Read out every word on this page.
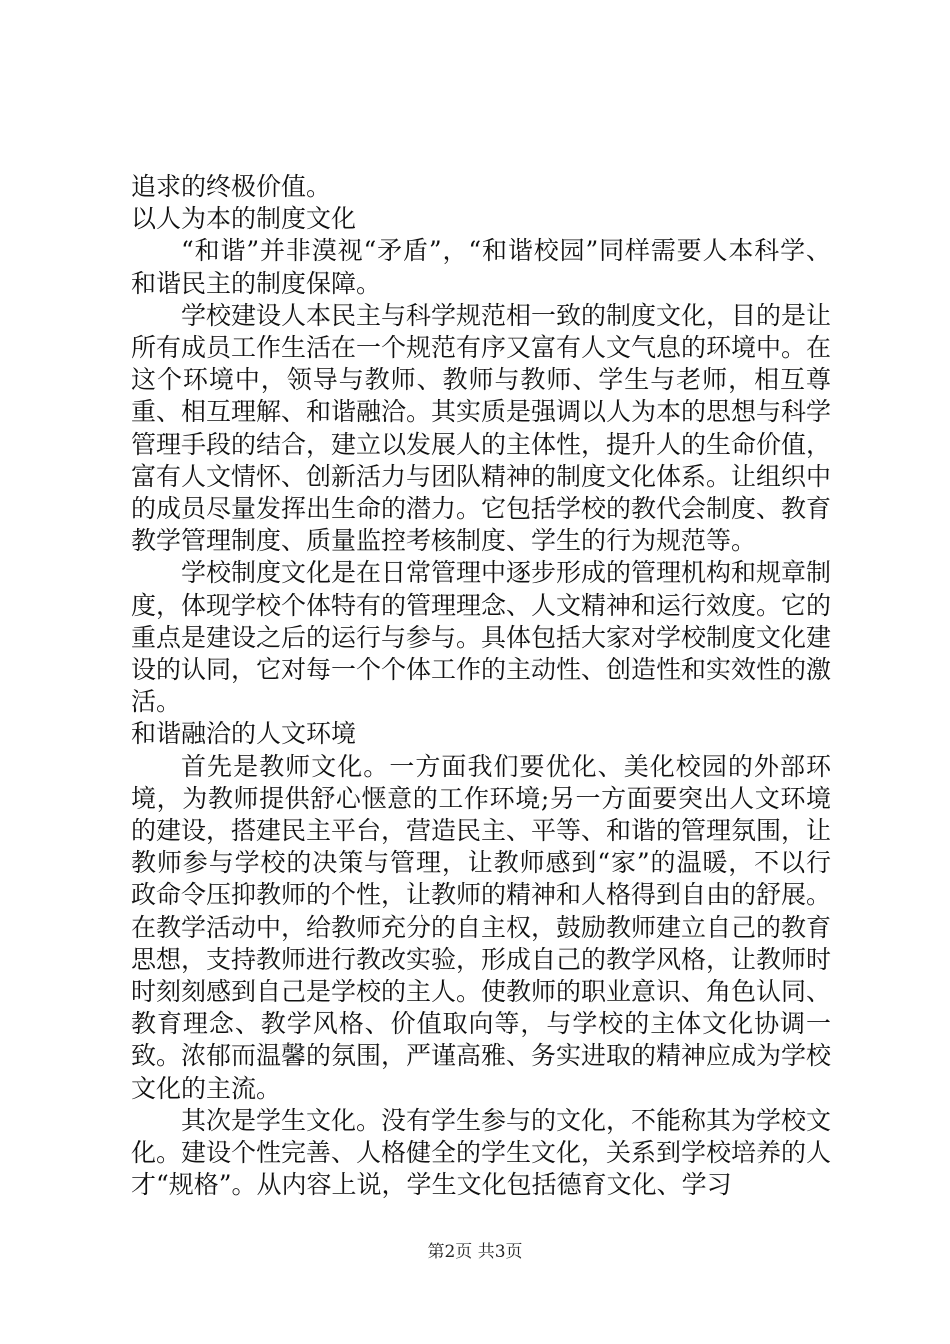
追求的终极价值。

以人为本的制度文化

“和谐”并非漠视“矛盾”，“和谐校园”同样需要人本科学、和谐民主的制度保障。

学校建设人本民主与科学规范相一致的制度文化，目的是让所有成员工作生活在一个规范有序又富有人文气息的环境中。在这个环境中，领导与教师、教师与教师、学生与老师，相互尊重、相互理解、和谐融洽。其实质是强调以人为本的思想与科学管理手段的结合，建立以发展人的主体性，提升人的生命价值，富有人文情怀、创新活力与团队精神的制度文化体系。让组织中的成员尽量发挥出生命的潜力。它包括学校的教代会制度、教育教学管理制度、质量监控考核制度、学生的行为规范等。

学校制度文化是在日常管理中逐步形成的管理机构和规章制度，体现学校个体特有的管理理念、人文精神和运行效度。它的重点是建设之后的运行与参与。具体包括大家对学校制度文化建设的认同，它对每一个个体工作的主动性、创造性和实效性的激活。

和谐融洽的人文环境

首先是教师文化。一方面我们要优化、美化校园的外部环境，为教师提供舒心惬意的工作环境;另一方面要突出人文环境的建设，搭建民主平台，营造民主、平等、和谐的管理氛围，让教师参与学校的决策与管理，让教师感到“家”的温暖，不以行政命令压抑教师的个性，让教师的精神和人格得到自由的舒展。在教学活动中，给教师充分的自主权，鼓励教师建立自己的教育思想，支持教师进行教改实验，形成自己的教学风格，让教师时时刻刻感到自己是学校的主人。使教师的职业意识、角色认同、教育理念、教学风格、价值取向等，与学校的主体文化协调一致。浓郁而温馨的氛围，严谨高雅、务实进取的精神应成为学校文化的主流。

其次是学生文化。没有学生参与的文化，不能称其为学校文化。建设个性完善、人格健全的学生文化，关系到学校培养的人才“规格”。从内容上说，学生文化包括德育文化、学习

第2页 共3页
